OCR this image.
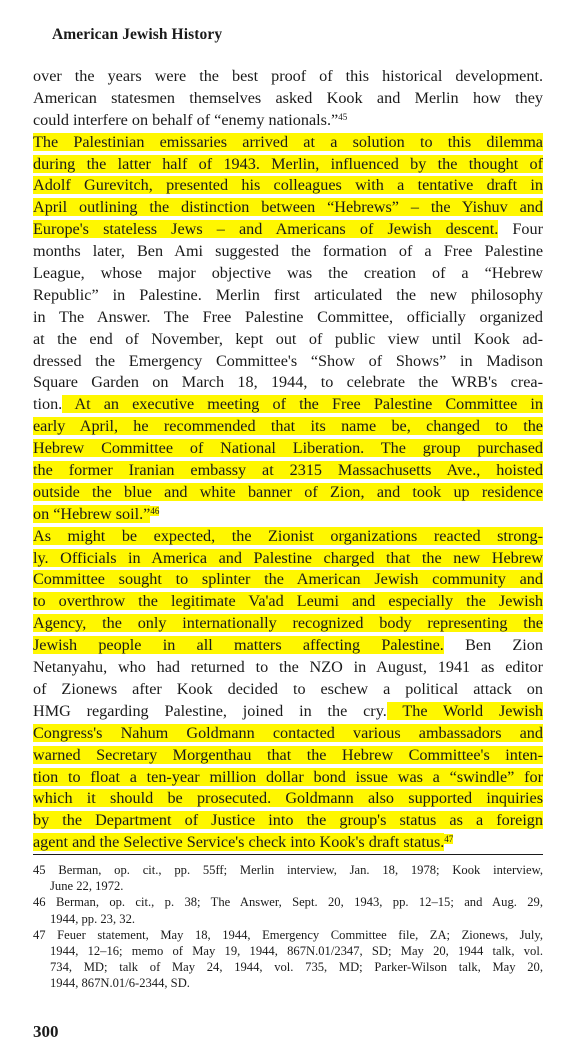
American Jewish History
over the years were the best proof of this historical development.
American statesmen themselves asked Kook and Merlin how they
could interfere on behalf of “enemy nationals.”$^{45}$
The Palestinian emissaries arrived at a solution to this dilemma
during the latter half of 1943. Merlin, influenced by the thought of
Adolf Gurevitch, presented his colleagues with a tentative draft in
April outlining the distinction between “Hebrews” – the Yishuv and
Europe's stateless Jews – and Americans of Jewish descent. Four
months later, Ben Ami suggested the formation of a Free Palestine
League, whose major objective was the creation of a “Hebrew
Republic” in Palestine. Merlin first articulated the new philosophy
in The Answer. The Free Palestine Committee, officially organized
at the end of November, kept out of public view until Kook ad-
dressed the Emergency Committee's “Show of Shows” in Madison
Square Garden on March 18, 1944, to celebrate the WRB's crea-
tion. At an executive meeting of the Free Palestine Committee in
early April, he recommended that its name be, changed to the
Hebrew Committee of National Liberation. The group purchased
the former Iranian embassy at 2315 Massachusetts Ave., hoisted
outside the blue and white banner of Zion, and took up residence
on “Hebrew soil.”$^{46}$
As might be expected, the Zionist organizations reacted strong-
ly. Officials in America and Palestine charged that the new Hebrew
Committee sought to splinter the American Jewish community and
to overthrow the legitimate Va'ad Leumi and especially the Jewish
Agency, the only internationally recognized body representing the
Jewish people in all matters affecting Palestine. Ben Zion
Netanyahu, who had returned to the NZO in August, 1941 as editor
of Zionews after Kook decided to eschew a political attack on
HMG regarding Palestine, joined in the cry. The World Jewish
Congress's Nahum Goldmann contacted various ambassadors and
warned Secretary Morgenthau that the Hebrew Committee's inten-
tion to float a ten-year million dollar bond issue was a “swindle” for
which it should be prosecuted. Goldmann also supported inquiries
by the Department of Justice into the group's status as a foreign
agent and the Selective Service's check into Kook's draft status.$^{47}$
45 Berman, op. cit., pp. 55ff; Merlin interview, Jan. 18, 1978; Kook interview,
June 22, 1972.
46 Berman, op. cit., p. 38; The Answer, Sept. 20, 1943, pp. 12–15; and Aug. 29,
1944, pp. 23, 32.
47 Feuer statement, May 18, 1944, Emergency Committee file, ZA; Zionews, July,
1944, 12–16; memo of May 19, 1944, 867N.01/2347, SD; May 20, 1944 talk, vol.
734, MD; talk of May 24, 1944, vol. 735, MD; Parker-Wilson talk, May 20,
1944, 867N.01/6-2344, SD.
300
